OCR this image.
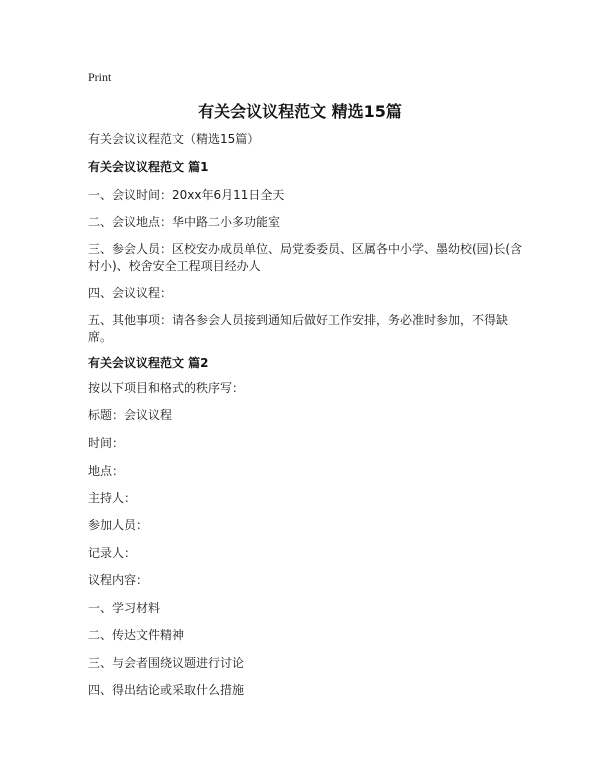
Print
有关会议议程范文 精选15篇
有关会议议程范文（精选15篇）
有关会议议程范文 篇1
一、会议时间：20xx年6月11日全天
二、会议地点：华中路二小多功能室
三、参会人员：区校安办成员单位、局党委委员、区属各中小学、墨幼校(园)长(含村小)、校舍安全工程项目经办人
四、会议议程：
五、其他事项：请各参会人员接到通知后做好工作安排，务必准时参加，不得缺席。
有关会议议程范文 篇2
按以下项目和格式的秩序写：
标题：会议议程
时间：
地点：
主持人：
参加人员：
记录人：
议程内容：
一、学习材料
二、传达文件精神
三、与会者围绕议题进行讨论
四、得出结论或采取什么措施
